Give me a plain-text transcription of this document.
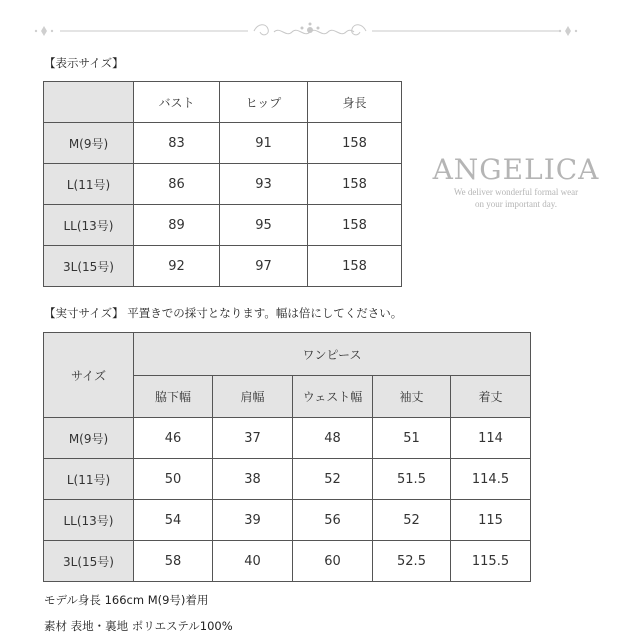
【表示サイズ】
	バスト	ヒップ	身長
M(9号)	83	91	158
L(11号)	86	93	158
LL(13号)	89	95	158
3L(15号)	92	97	158
ANGELICA
We deliver wonderful formal wear
on your important day.
【実寸サイズ】 平置きでの採寸となります。幅は倍にしてください。
サイズ	ワンピース				
	脇下幅	肩幅	ウェスト幅	袖丈	着丈
M(9号)	46	37	48	51	114
L(11号)	50	38	52	51.5	114.5
LL(13号)	54	39	56	52	115
3L(15号)	58	40	60	52.5	115.5
モデル身長 166cm M(9号)着用
素材 表地・裏地 ポリエステル100%
